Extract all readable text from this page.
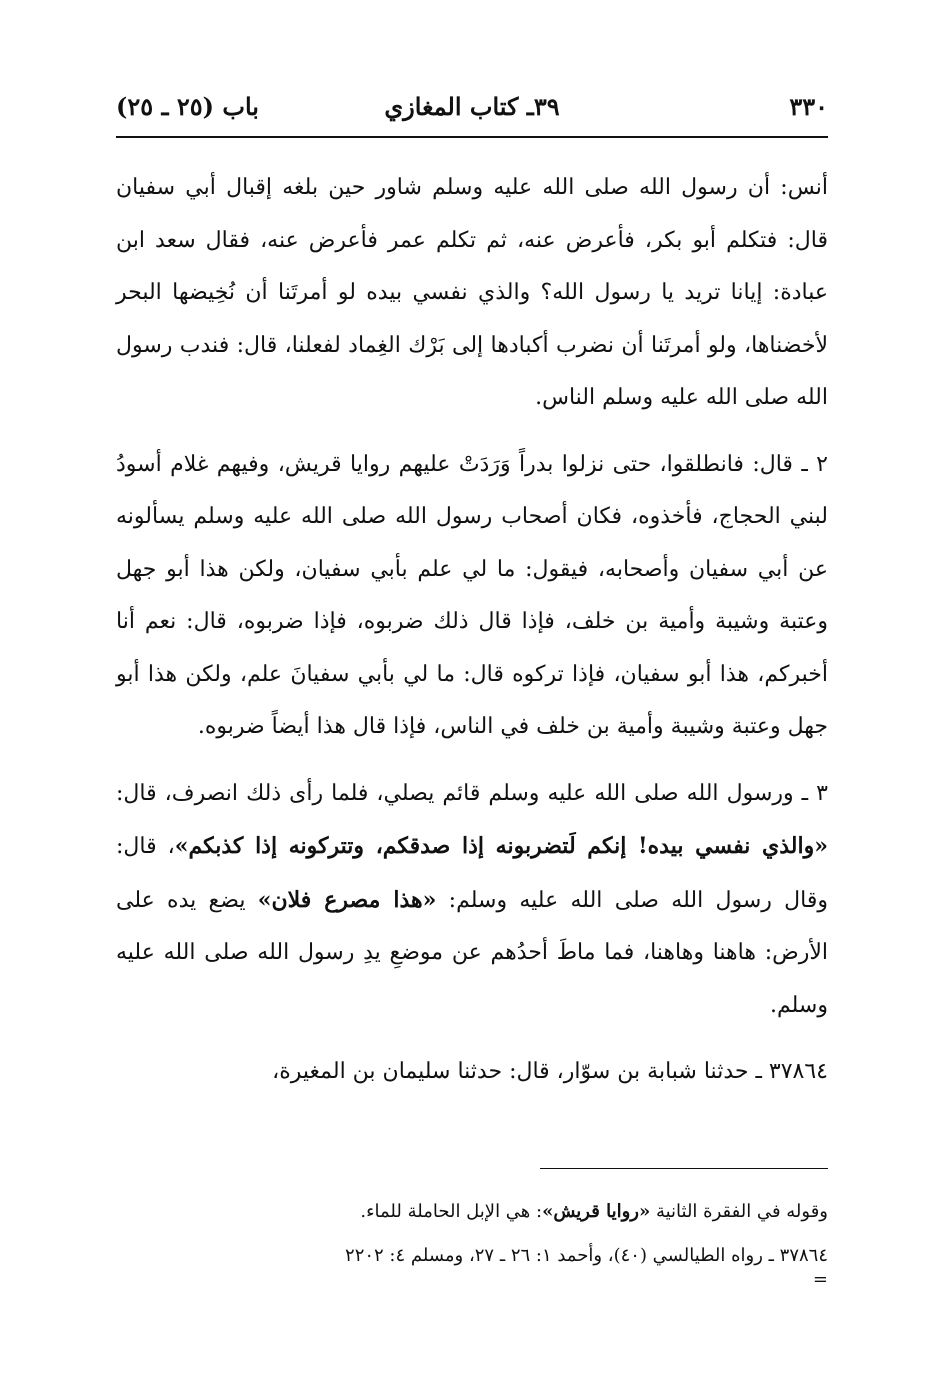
٣٣٠
٣٩ـ كتاب المغازي
باب (٢٥ ـ ٢٥)

أنس: أن رسول الله صلى الله عليه وسلم شاور حين بلغه إقبال أبي سفيان قال: فتكلم أبو بكر، فأعرض عنه، ثم تكلم عمر فأعرض عنه، فقال سعد ابن عبادة: إيانا تريد يا رسول الله؟ والذي نفسي بيده لو أمرتَنا أن نُخِيضها البحر لأخضناها، ولو أمرتَنا أن نضرب أكبادها إلى بَرْك الغِماد لفعلنا، قال: فندب رسول الله صلى الله عليه وسلم الناس.

٢ ـ قال: فانطلقوا، حتى نزلوا بدراً وَرَدَتْ عليهم روايا قريش، وفيهم غلام أسودُ لبني الحجاج، فأخذوه، فكان أصحاب رسول الله صلى الله عليه وسلم يسألونه عن أبي سفيان وأصحابه، فيقول: ما لي علم بأبي سفيان، ولكن هذا أبو جهل وعتبة وشيبة وأمية بن خلف، فإذا قال ذلك ضربوه، فإذا ضربوه، قال: نعم أنا أخبركم، هذا أبو سفيان، فإذا تركوه قال: ما لي بأبي سفيانَ علم، ولكن هذا أبو جهل وعتبة وشيبة وأمية بن خلف في الناس، فإذا قال هذا أيضاً ضربوه.

٣ ـ ورسول الله صلى الله عليه وسلم قائم يصلي، فلما رأى ذلك انصرف، قال: «والذي نفسي بيده! إنكم لَتضربونه إذا صدقكم، وتتركونه إذا كذبكم»، قال: وقال رسول الله صلى الله عليه وسلم: «هذا مصرع فلان» يضع يده على الأرض: هاهنا وهاهنا، فما ماطَ أحدُهم عن موضعِ يدِ رسول الله صلى الله عليه وسلم.

٣٧٨٦٤ ـ حدثنا شبابة بن سوّار، قال: حدثنا سليمان بن المغيرة،

وقوله في الفقرة الثانية «روايا قريش»: هي الإبل الحاملة للماء.

٣٧٨٦٤ ـ رواه الطيالسي (٤٠)، وأحمد ١: ٢٦ ـ ٢٧، ومسلم ٤: ٢٢٠٢

=
